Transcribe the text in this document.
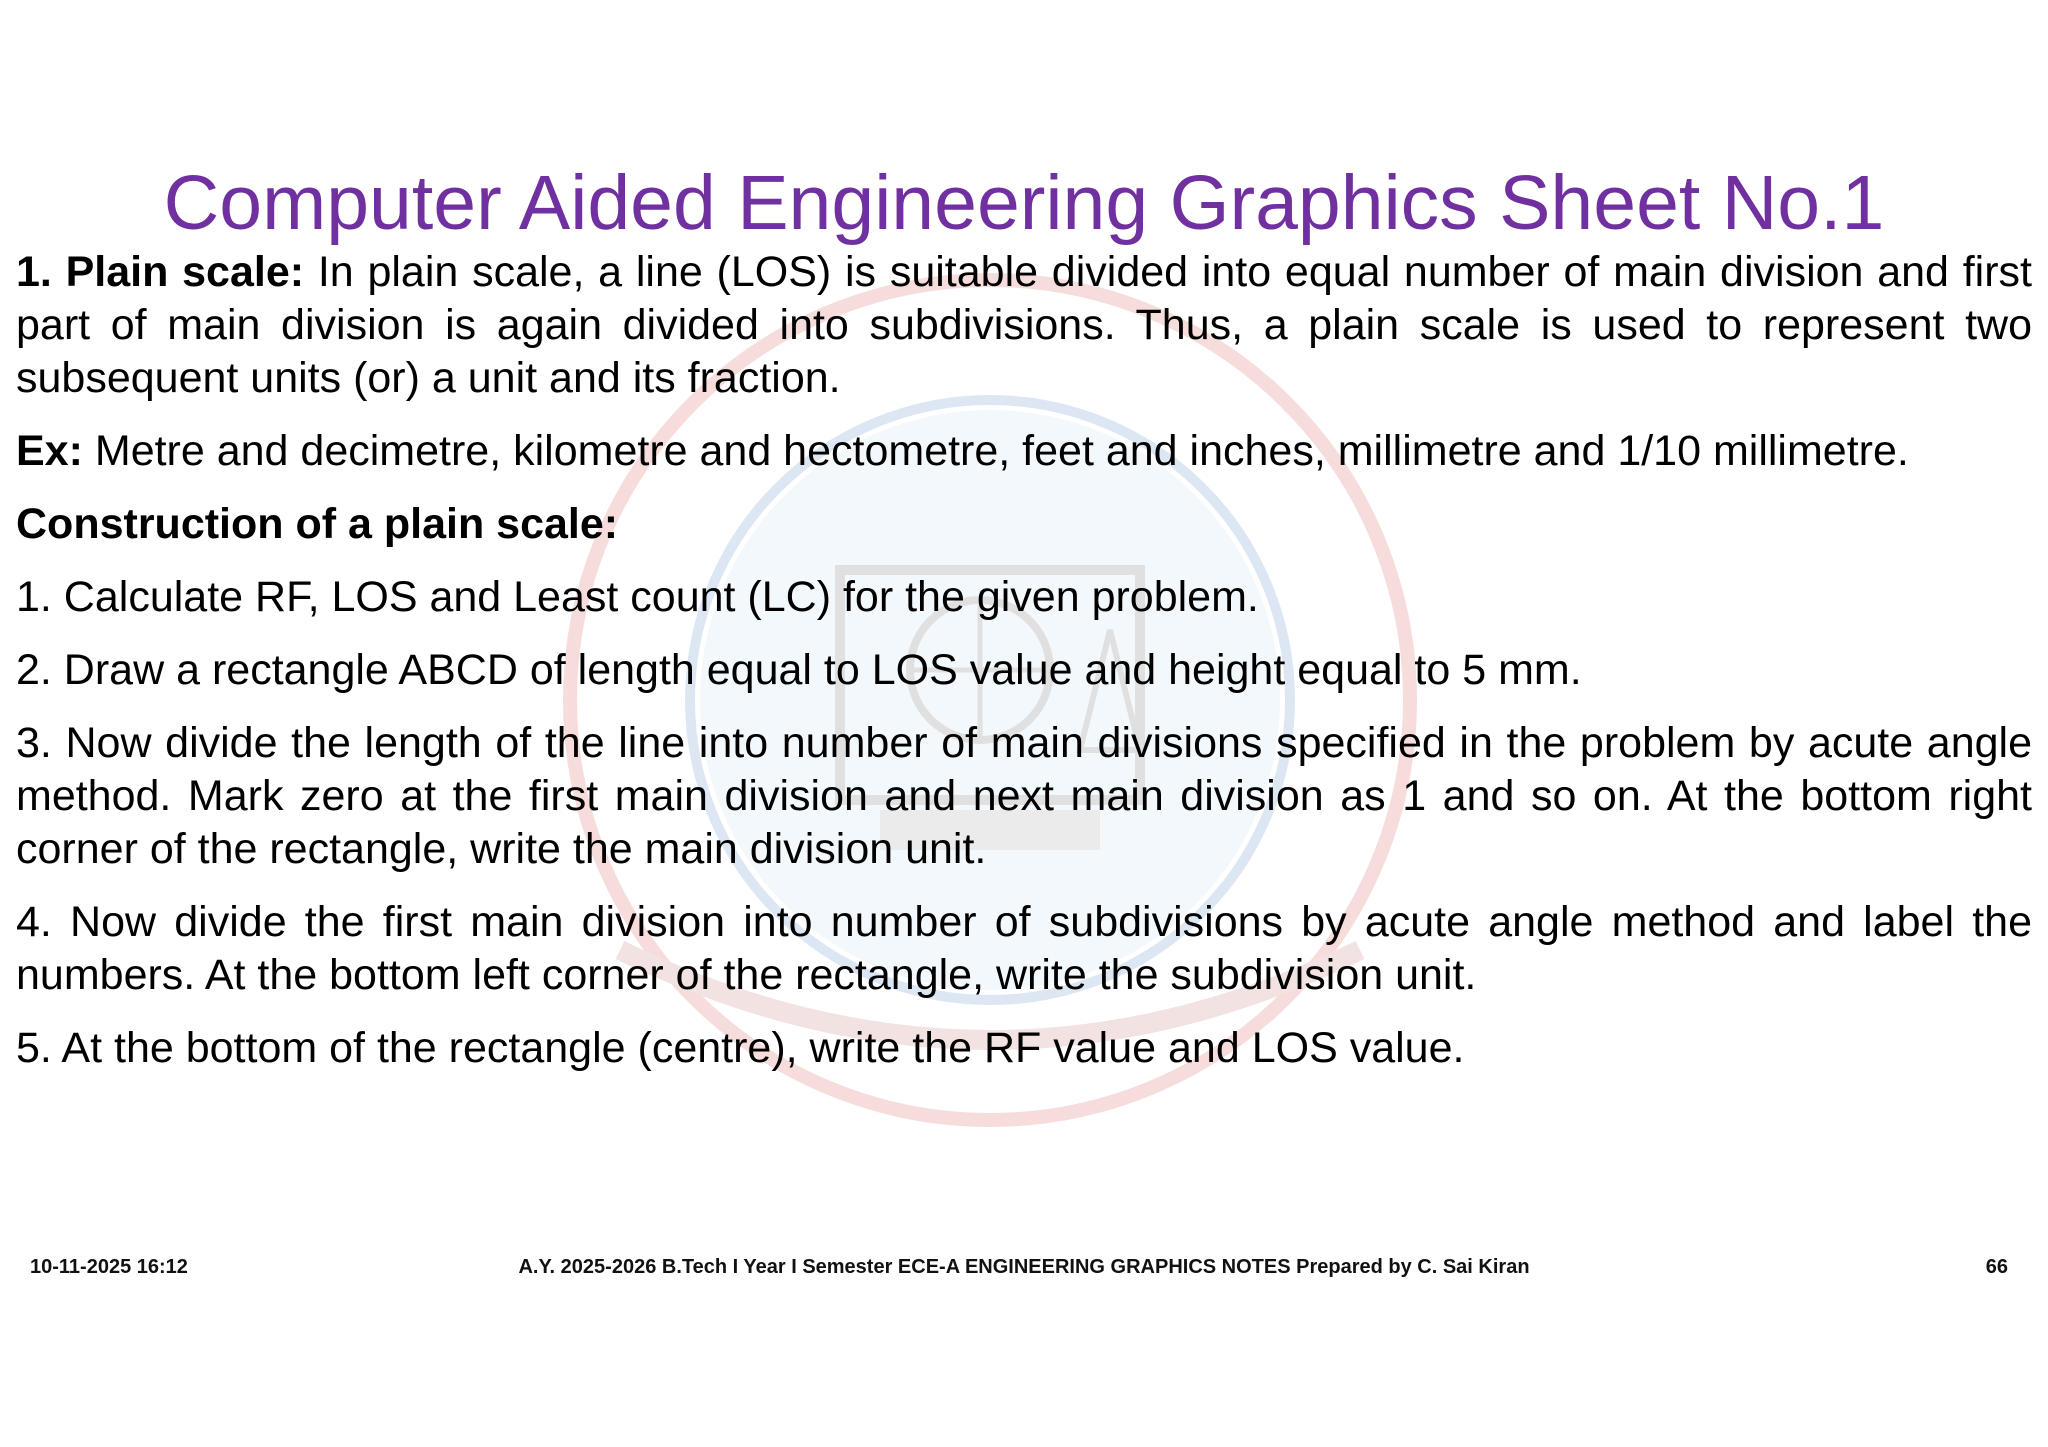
Computer Aided Engineering Graphics Sheet No.1

1. Plain scale: In plain scale, a line (LOS) is suitable divided into equal number of main division and first part of main division is again divided into subdivisions. Thus, a plain scale is used to represent two subsequent units (or) a unit and its fraction.

Ex: Metre and decimetre, kilometre and hectometre, feet and inches, millimetre and 1/10 millimetre.

Construction of a plain scale:

1. Calculate RF, LOS and Least count (LC) for the given problem.

2. Draw a rectangle ABCD of length equal to LOS value and height equal to 5 mm.

3. Now divide the length of the line into number of main divisions specified in the problem by acute angle method. Mark zero at the first main division and next main division as 1 and so on. At the bottom right corner of the rectangle, write the main division unit.

4. Now divide the first main division into number of subdivisions by acute angle method and label the numbers. At the bottom left corner of the rectangle, write the subdivision unit.

5. At the bottom of the rectangle (centre), write the RF value and LOS value.

A.Y. 2025-2026 B.Tech I Year I Semester ECE-A ENGINEERING GRAPHICS NOTES Prepared by C. Sai Kiran
10-11-2025 16:12	66
